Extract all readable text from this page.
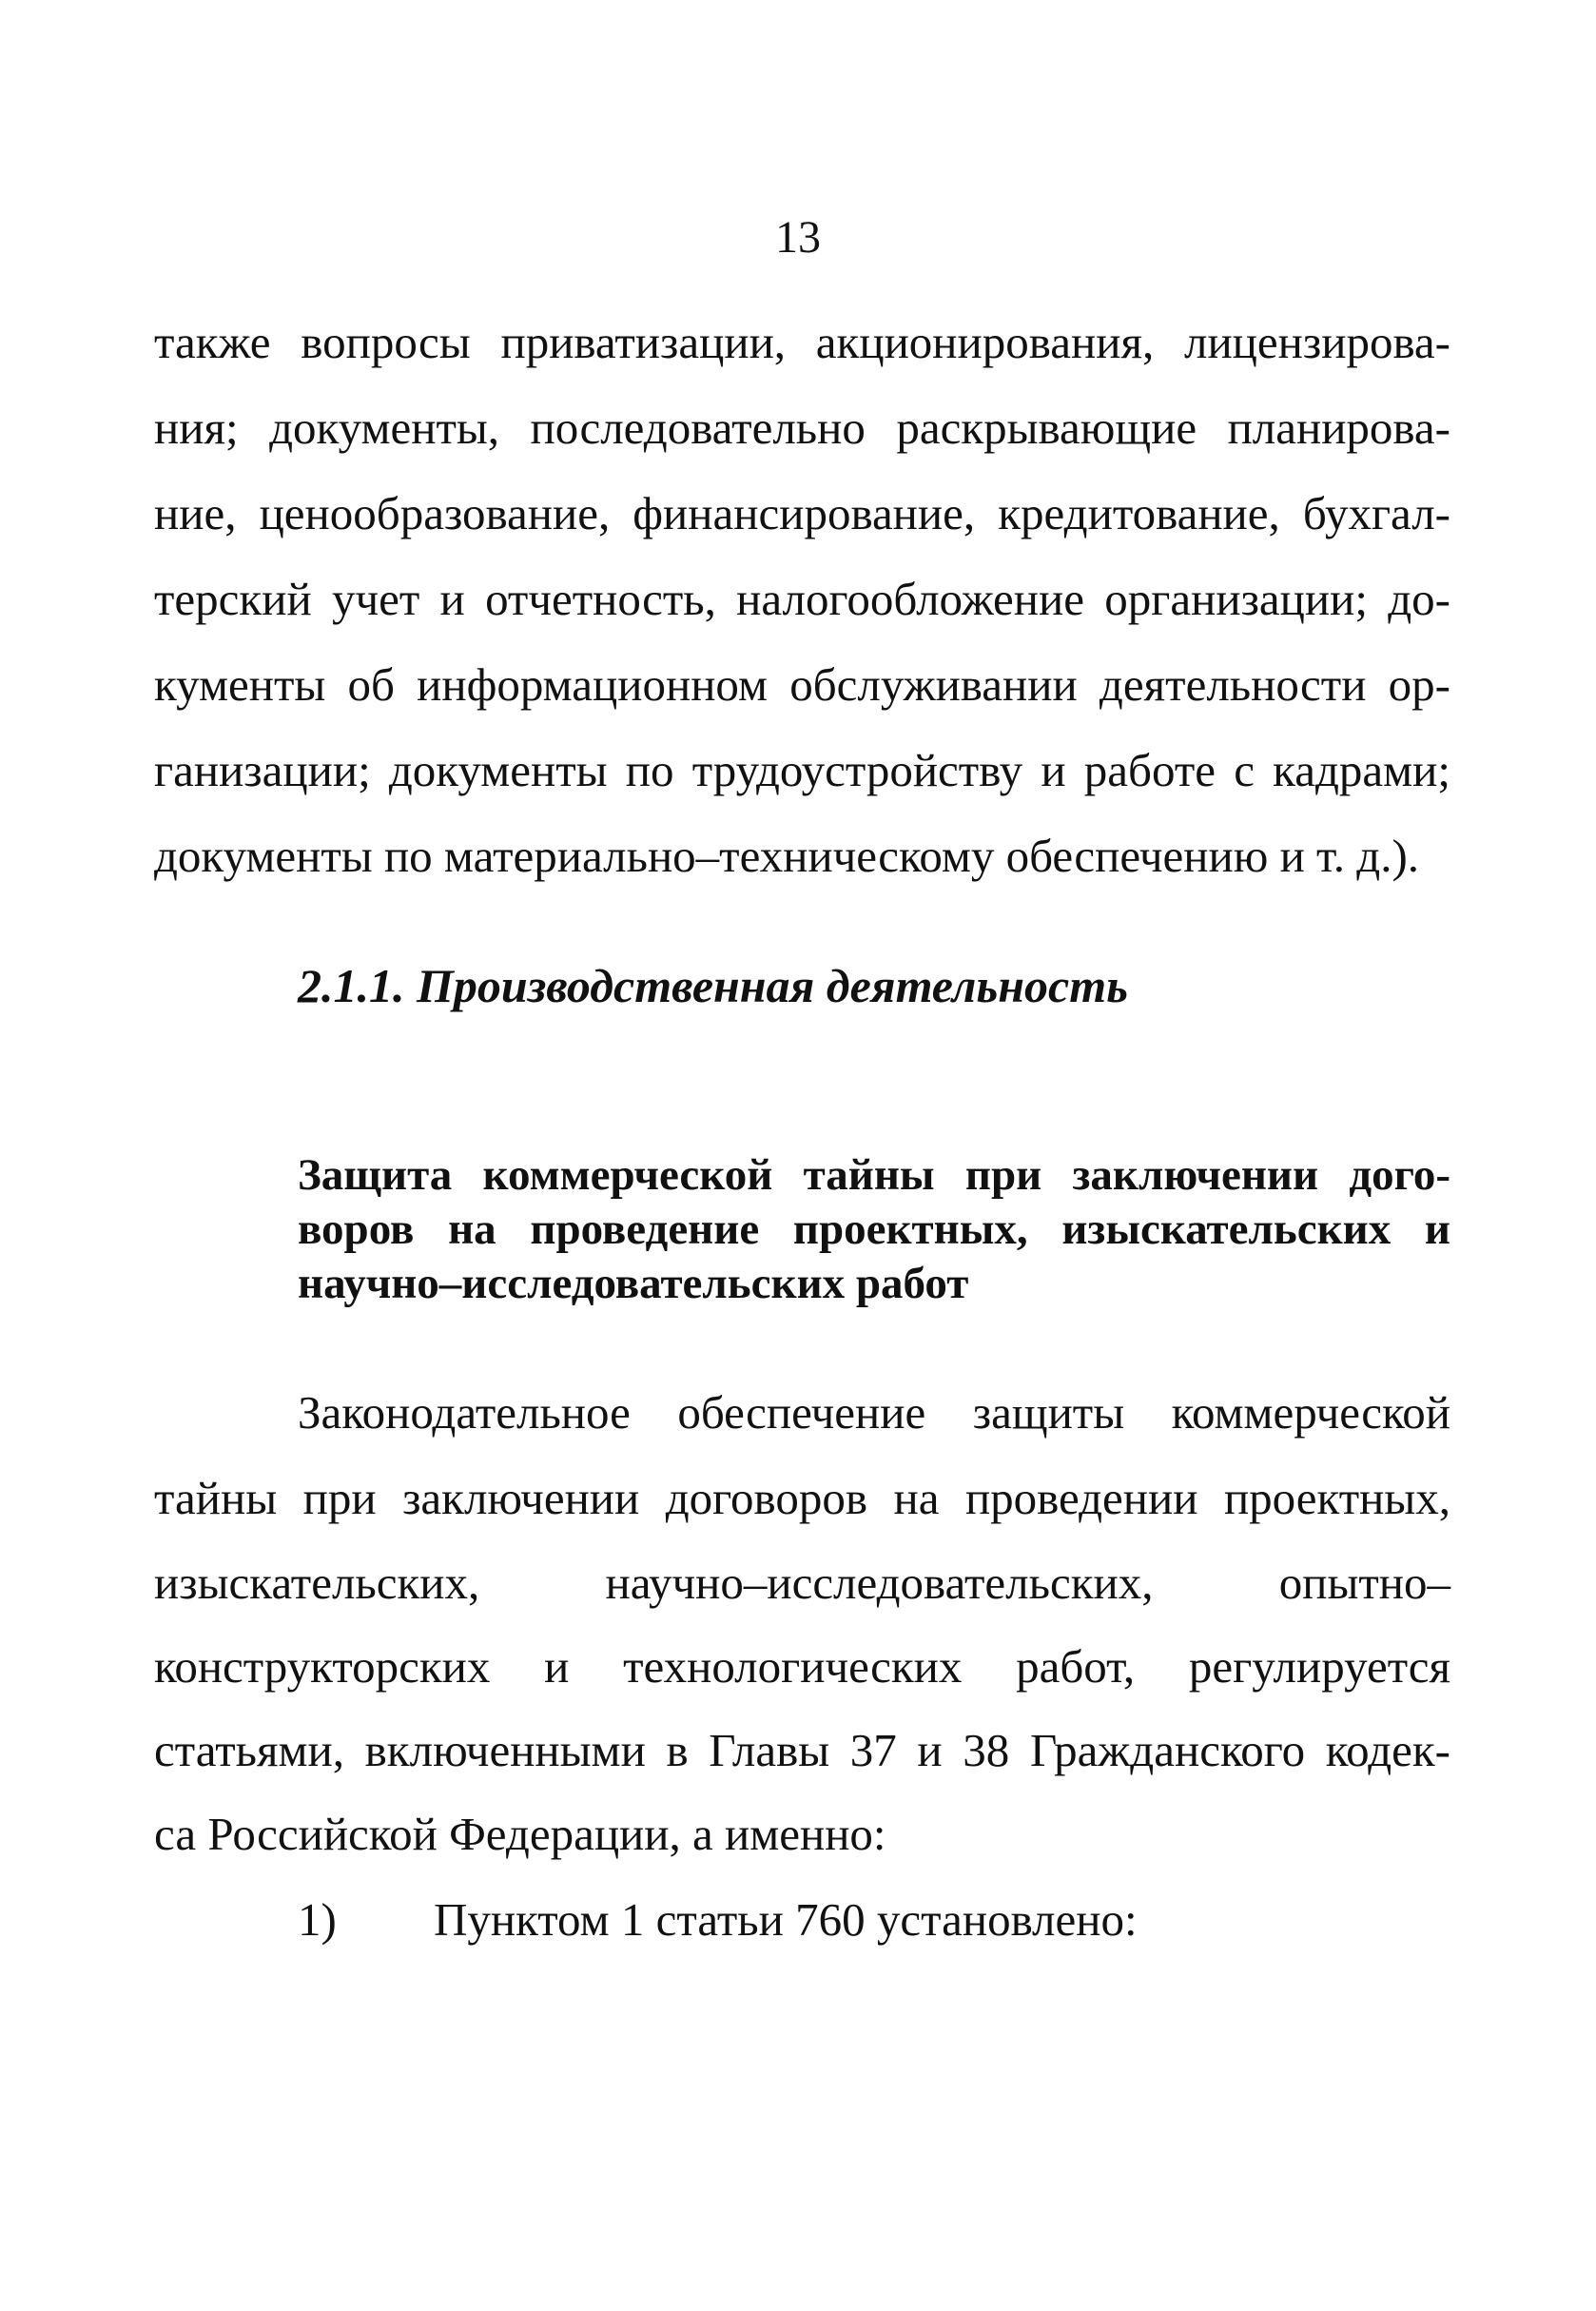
13
также вопросы приватизации, акционирования, лицензирова-
ния; документы, последовательно раскрывающие планирова-
ние, ценообразование, финансирование, кредитование, бухгал-
терский учет и отчетность, налогообложение организации; до-
кументы об информационном обслуживании деятельности ор-
ганизации; документы по трудоустройству и работе с кадрами;
документы по материально–техническому обеспечению и т. д.).
2.1.1. Производственная деятельность
Защита коммерческой тайны при заключении дого-
воров на проведение проектных, изыскательских и
научно–исследовательских работ
Законодательное обеспечение защиты коммерческой
тайны при заключении договоров на проведении проектных,
изыскательских, научно–исследовательских, опытно–
конструкторских и технологических работ, регулируется
статьями, включенными в Главы 37 и 38 Гражданского кодек-
са Российской Федерации, а именно:
1) Пунктом 1 статьи 760 установлено:
